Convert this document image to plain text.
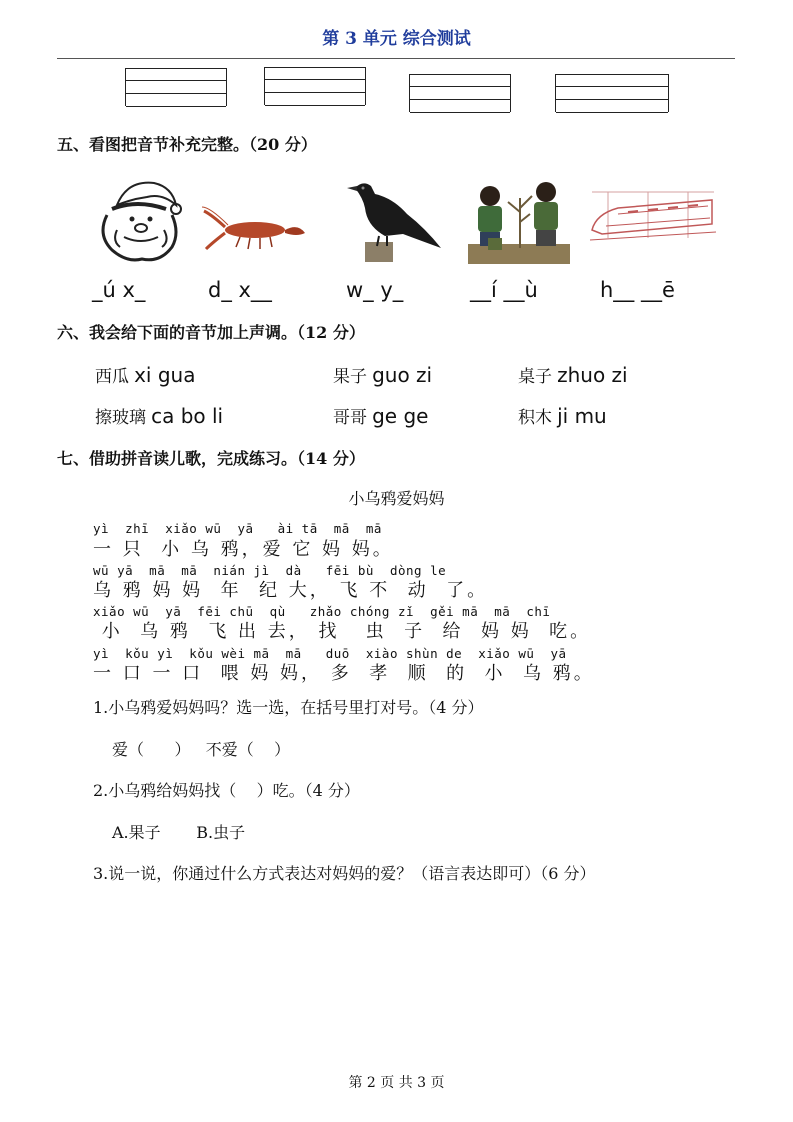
第 3 单元 综合测试
五、看图把音节补充完整。（20 分）
_ú x_	d_ x__	w_ y_	__í __ù	h__ __ē
六、我会给下面的音节加上声调。（12 分）
西瓜 xi gua	果子 guo zi	桌子 zhuo zi
擦玻璃 ca bo li	哥哥 ge ge	积木 ji mu
七、借助拼音读儿歌，完成练习。（14 分）
小乌鸦爱妈妈
yì  zhī  xiǎo wū  yā   ài tā  mā  mā
一 只  小 乌 鸦，爱 它 妈 妈。
wū yā  mā  mā  nián jì  dà   fēi bù  dòng le
乌 鸦 妈 妈  年  纪 大， 飞 不  动  了。
xiǎo wū  yā  fēi chū  qù   zhǎo chóng zǐ  gěi mā  mā  chī
小  乌 鸦  飞 出 去， 找   虫  子  给  妈 妈  吃。
yì  kǒu yì  kǒu wèi mā  mā   duō  xiào shùn de  xiǎo wū  yā
一 口 一 口  喂 妈 妈， 多  孝  顺  的  小  乌 鸦。
1.小乌鸦爱妈妈吗？选一选，在括号里打对号。（4 分）
爱（      ）   不爱（    ）
2.小乌鸦给妈妈找（    ）吃。（4 分）
A.果子       B.虫子
3.说一说，你通过什么方式表达对妈妈的爱？（语言表达即可）（6 分）
第 2 页 共 3 页
